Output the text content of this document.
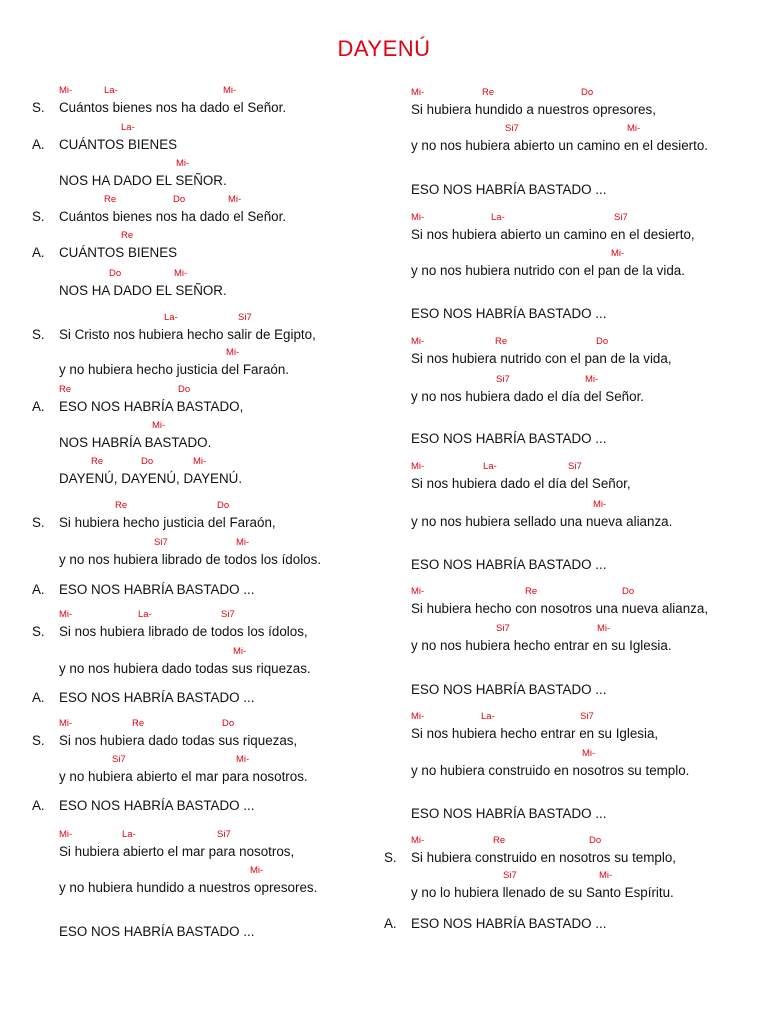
DAYENÚ
S. Cuántos bienes nos ha dado el Señor.
Mi-	La-	Mi-
A. CUÁNTOS BIENES
La-
NOS HA DADO EL SEÑOR.
Mi-
S. Cuántos bienes nos ha dado el Señor.
Re	Do	Mi-
A. CUÁNTOS BIENES
Re
NOS HA DADO EL SEÑOR.
Do	Mi-
S. Si Cristo nos hubiera hecho salir de Egipto,
La-	Si7
y no hubiera hecho justicia del Faraón.
Mi-
A. ESO NOS HABRÍA BASTADO,
Re	Do
NOS HABRÍA BASTADO.
Mi-
DAYENÚ, DAYENÚ, DAYENÚ.
Re	Do	Mi-
S. Si hubiera hecho justicia del Faraón,
Re	Do
y no nos hubiera librado de todos los ídolos.
Si7	Mi-
A. ESO NOS HABRÍA BASTADO ...
S. Si nos hubiera librado de todos los ídolos,
Mi-	La-	Si7
y no nos hubiera dado todas sus riquezas.
Mi-
A. ESO NOS HABRÍA BASTADO ...
S. Si nos hubiera dado todas sus riquezas,
Mi-	Re	Do
y no hubiera abierto el mar para nosotros.
Si7	Mi-
A. ESO NOS HABRÍA BASTADO ...
Si hubiera abierto el mar para nosotros,
Mi-	La-	Si7
y no hubiera hundido a nuestros opresores.
Mi-
ESO NOS HABRÍA BASTADO ...
Si hubiera hundido a nuestros opresores,
Mi-	Re	Do
y no nos hubiera abierto un camino en el desierto.
Si7	Mi-
ESO NOS HABRÍA BASTADO ...
Si nos hubiera abierto un camino en el desierto,
Mi-	La-	Si7
y no nos hubiera nutrido con el pan de la vida.
Mi-
ESO NOS HABRÍA BASTADO ...
Si nos hubiera nutrido con el pan de la vida,
Mi-	Re	Do
y no nos hubiera dado el día del Señor.
Si7	Mi-
ESO NOS HABRÍA BASTADO ...
Si nos hubiera dado el día del Señor,
Mi-	La-	Si7
y no nos hubiera sellado una nueva alianza.
Mi-
ESO NOS HABRÍA BASTADO ...
Si hubiera hecho con nosotros una nueva alianza,
Mi-	Re	Do
y no nos hubiera hecho entrar en su Iglesia.
Si7	Mi-
ESO NOS HABRÍA BASTADO ...
Si nos hubiera hecho entrar en su Iglesia,
Mi-	La-	Si7
y no hubiera construido en nosotros su templo.
Mi-
ESO NOS HABRÍA BASTADO ...
S. Si hubiera construido en nosotros su templo,
Mi-	Re	Do
y no lo hubiera llenado de su Santo Espíritu.
Si7	Mi-
A. ESO NOS HABRÍA BASTADO ...
